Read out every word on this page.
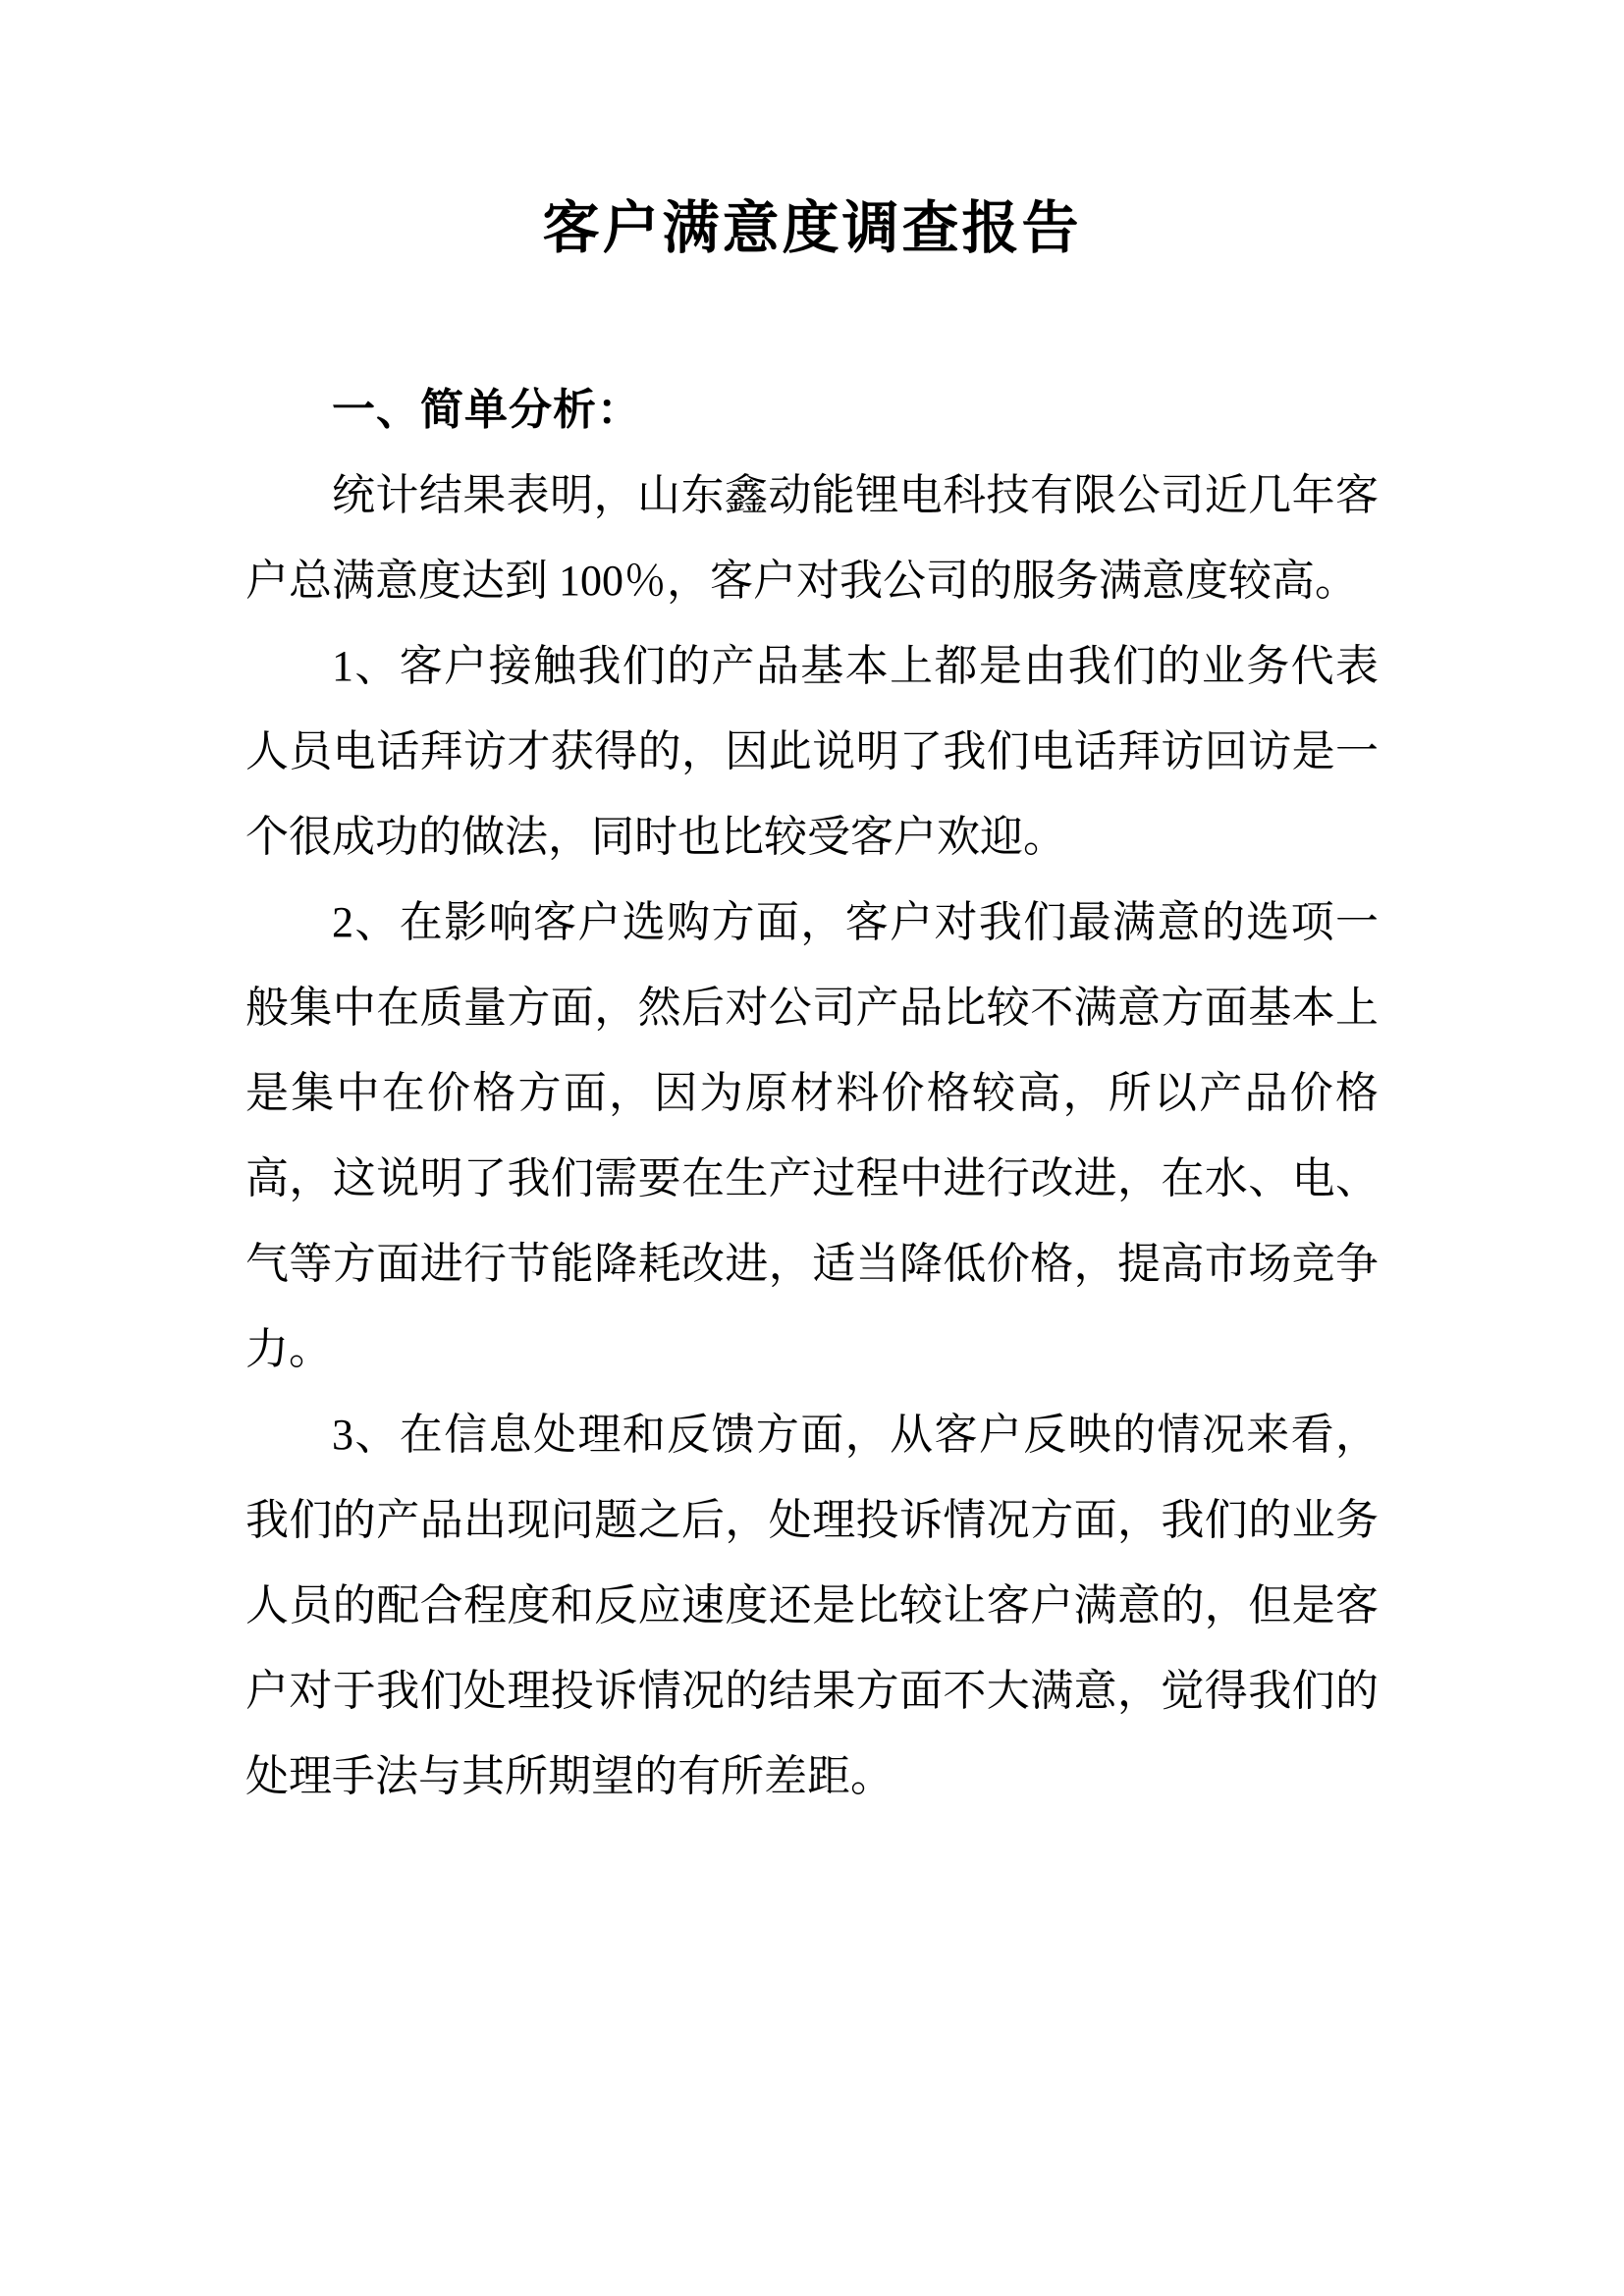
客户满意度调查报告

一、简单分析：

统计结果表明，山东鑫动能锂电科技有限公司近几年客户总满意度达到 100％，客户对我公司的服务满意度较高。

1、客户接触我们的产品基本上都是由我们的业务代表人员电话拜访才获得的，因此说明了我们电话拜访回访是一个很成功的做法，同时也比较受客户欢迎。

2、在影响客户选购方面，客户对我们最满意的选项一般集中在质量方面，然后对公司产品比较不满意方面基本上是集中在价格方面，因为原材料价格较高，所以产品价格高，这说明了我们需要在生产过程中进行改进，在水、电、气等方面进行节能降耗改进，适当降低价格，提高市场竞争力。

3、在信息处理和反馈方面，从客户反映的情况来看，我们的产品出现问题之后，处理投诉情况方面，我们的业务人员的配合程度和反应速度还是比较让客户满意的，但是客户对于我们处理投诉情况的结果方面不大满意，觉得我们的处理手法与其所期望的有所差距。
